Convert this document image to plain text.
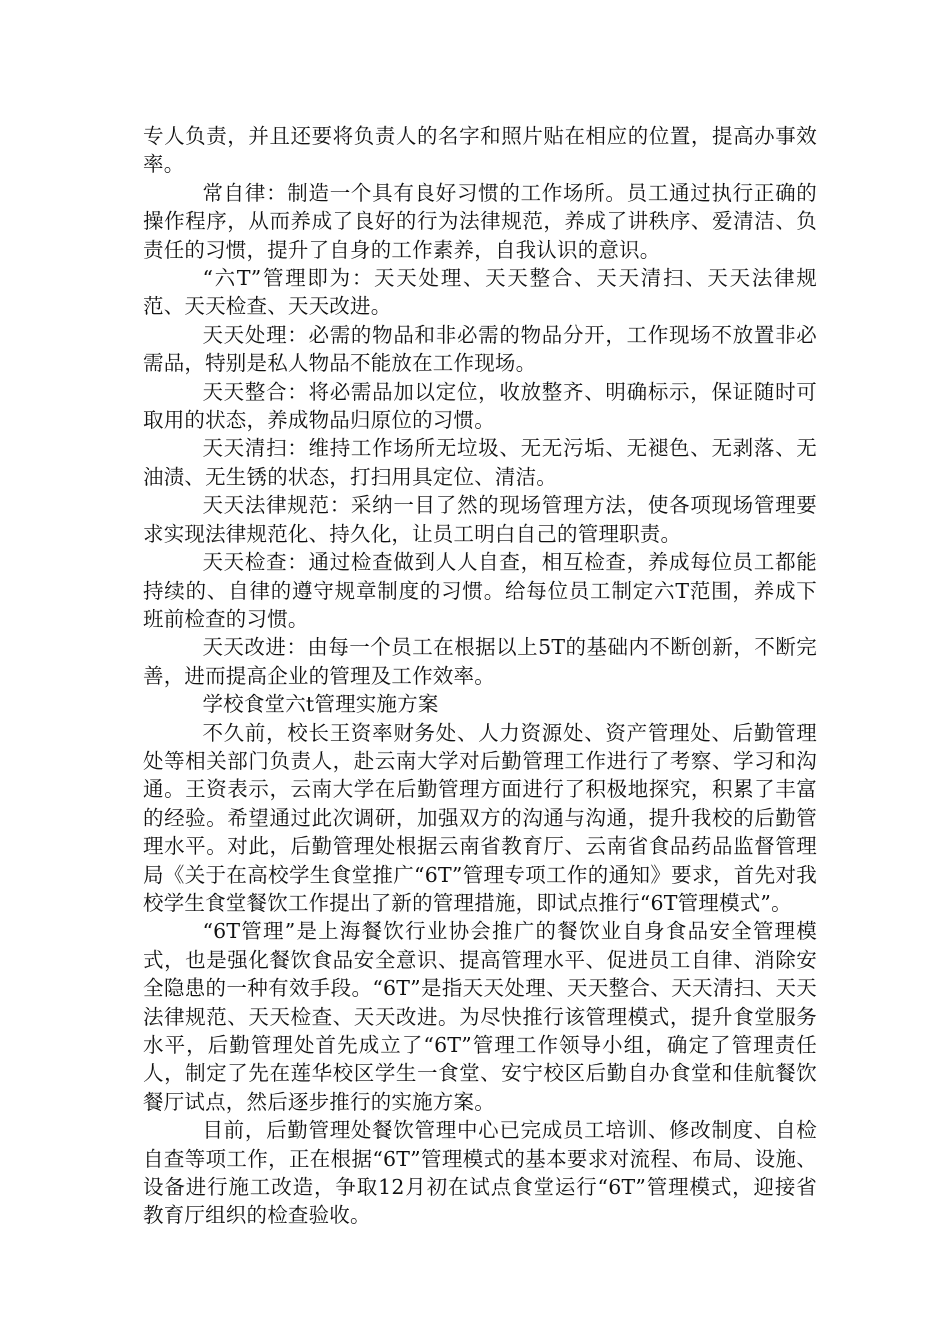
专人负责，并且还要将负责人的名字和照片贴在相应的位置，提高办事效率。

常自律：制造一个具有良好习惯的工作场所。员工通过执行正确的操作程序，从而养成了良好的行为法律规范，养成了讲秩序、爱清洁、负责任的习惯，提升了自身的工作素养，自我认识的意识。

“六T”管理即为：天天处理、天天整合、天天清扫、天天法律规范、天天检查、天天改进。

天天处理：必需的物品和非必需的物品分开，工作现场不放置非必需品，特别是私人物品不能放在工作现场。

天天整合：将必需品加以定位，收放整齐、明确标示，保证随时可取用的状态，养成物品归原位的习惯。

天天清扫：维持工作场所无垃圾、无无污垢、无褪色、无剥落、无油渍、无生锈的状态，打扫用具定位、清洁。

天天法律规范：采纳一目了然的现场管理方法，使各项现场管理要求实现法律规范化、持久化，让员工明白自己的管理职责。

天天检查：通过检查做到人人自查，相互检查，养成每位员工都能持续的、自律的遵守规章制度的习惯。给每位员工制定六T范围，养成下班前检查的习惯。

天天改进：由每一个员工在根据以上5T的基础内不断创新，不断完善，进而提高企业的管理及工作效率。

学校食堂六t管理实施方案

不久前，校长王资率财务处、人力资源处、资产管理处、后勤管理处等相关部门负责人，赴云南大学对后勤管理工作进行了考察、学习和沟通。王资表示，云南大学在后勤管理方面进行了积极地探究，积累了丰富的经验。希望通过此次调研，加强双方的沟通与沟通，提升我校的后勤管理水平。对此，后勤管理处根据云南省教育厅、云南省食品药品监督管理局《关于在高校学生食堂推广“6T”管理专项工作的通知》要求，首先对我校学生食堂餐饮工作提出了新的管理措施，即试点推行“6T管理模式”。

“6T管理”是上海餐饮行业协会推广的餐饮业自身食品安全管理模式，也是强化餐饮食品安全意识、提高管理水平、促进员工自律、消除安全隐患的一种有效手段。“6T”是指天天处理、天天整合、天天清扫、天天法律规范、天天检查、天天改进。为尽快推行该管理模式，提升食堂服务水平，后勤管理处首先成立了“6T”管理工作领导小组，确定了管理责任人，制定了先在莲华校区学生一食堂、安宁校区后勤自办食堂和佳航餐饮餐厅试点，然后逐步推行的实施方案。

目前，后勤管理处餐饮管理中心已完成员工培训、修改制度、自检自查等项工作，正在根据“6T”管理模式的基本要求对流程、布局、设施、设备进行施工改造，争取12月初在试点食堂运行“6T”管理模式，迎接省教育厅组织的检查验收。
